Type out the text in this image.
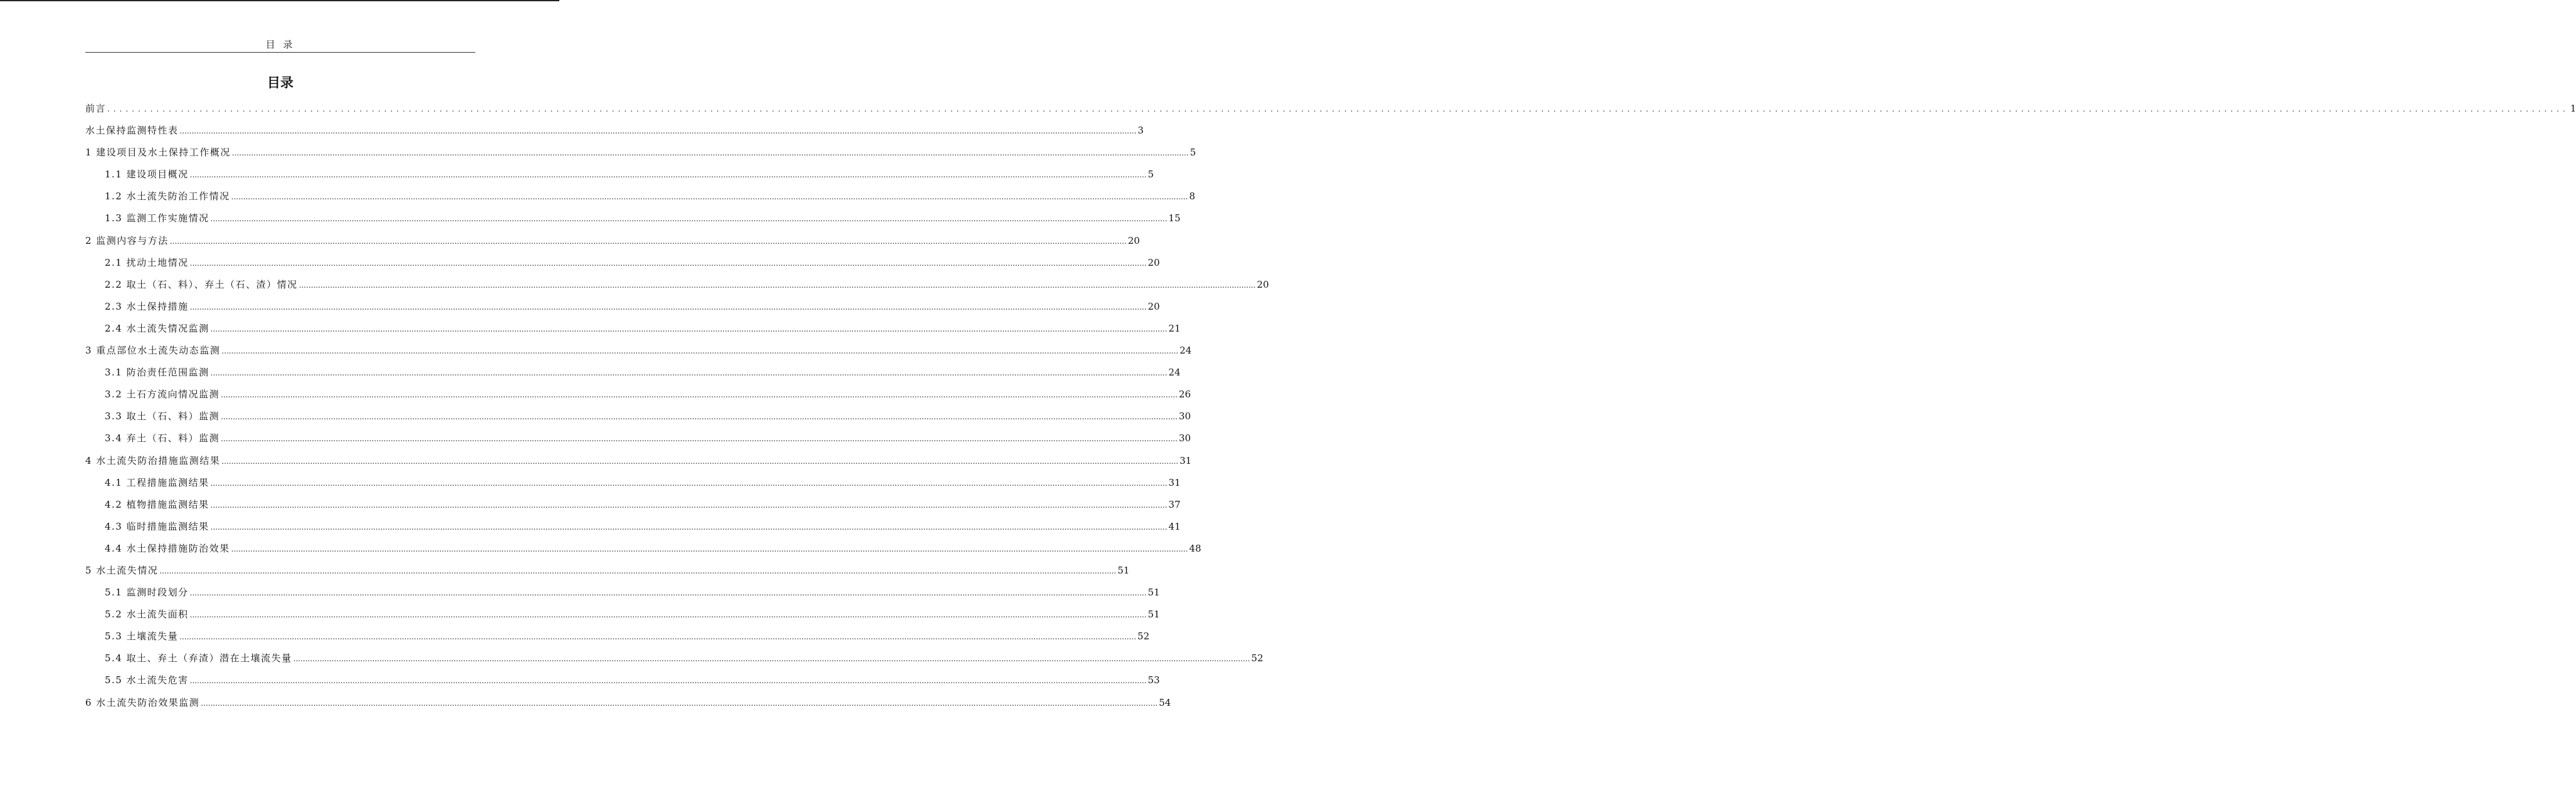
目 录
目录
前言 ................................................................................................................................................................................................................................................................................................................................................................................................................ 1
水土保持监测特性表 ................................................................................................................................................................................................................................................................................................................................................................................................................ 3
1 建设项目及水土保持工作概况 ................................................................................................................................................................................................................................................................................................................................................................................................................ 5
1.1 建设项目概况 ................................................................................................................................................................................................................................................................................................................................................................................................................ 5
1.2 水土流失防治工作情况 ................................................................................................................................................................................................................................................................................................................................................................................................................ 8
1.3 监测工作实施情况 ................................................................................................................................................................................................................................................................................................................................................................................................................ 15
2 监测内容与方法 ................................................................................................................................................................................................................................................................................................................................................................................................................ 20
2.1 扰动土地情况 ................................................................................................................................................................................................................................................................................................................................................................................................................ 20
2.2 取土（石、料）、弃土（石、渣）情况 ................................................................................................................................................................................................................................................................................................................................................................................................................ 20
2.3 水土保持措施 ................................................................................................................................................................................................................................................................................................................................................................................................................ 20
2.4 水土流失情况监测 ................................................................................................................................................................................................................................................................................................................................................................................................................ 21
3 重点部位水土流失动态监测 ................................................................................................................................................................................................................................................................................................................................................................................................................ 24
3.1 防治责任范围监测 ................................................................................................................................................................................................................................................................................................................................................................................................................ 24
3.2 土石方流向情况监测 ................................................................................................................................................................................................................................................................................................................................................................................................................ 26
3.3 取土（石、料）监测 ................................................................................................................................................................................................................................................................................................................................................................................................................ 30
3.4 弃土（石、料）监测 ................................................................................................................................................................................................................................................................................................................................................................................................................ 30
4 水土流失防治措施监测结果 ................................................................................................................................................................................................................................................................................................................................................................................................................ 31
4.1 工程措施监测结果 ................................................................................................................................................................................................................................................................................................................................................................................................................ 31
4.2 植物措施监测结果 ................................................................................................................................................................................................................................................................................................................................................................................................................ 37
4.3 临时措施监测结果 ................................................................................................................................................................................................................................................................................................................................................................................................................ 41
4.4 水土保持措施防治效果 ................................................................................................................................................................................................................................................................................................................................................................................................................ 48
5 水土流失情况 ................................................................................................................................................................................................................................................................................................................................................................................................................ 51
5.1 监测时段划分 ................................................................................................................................................................................................................................................................................................................................................................................................................ 51
5.2 水土流失面积 ................................................................................................................................................................................................................................................................................................................................................................................................................ 51
5.3 土壤流失量 ................................................................................................................................................................................................................................................................................................................................................................................................................ 52
5.4 取土、弃土（弃渣）潜在土壤流失量 ................................................................................................................................................................................................................................................................................................................................................................................................................ 52
5.5 水土流失危害 ................................................................................................................................................................................................................................................................................................................................................................................................................ 53
6 水土流失防治效果监测 ................................................................................................................................................................................................................................................................................................................................................................................................................ 54
